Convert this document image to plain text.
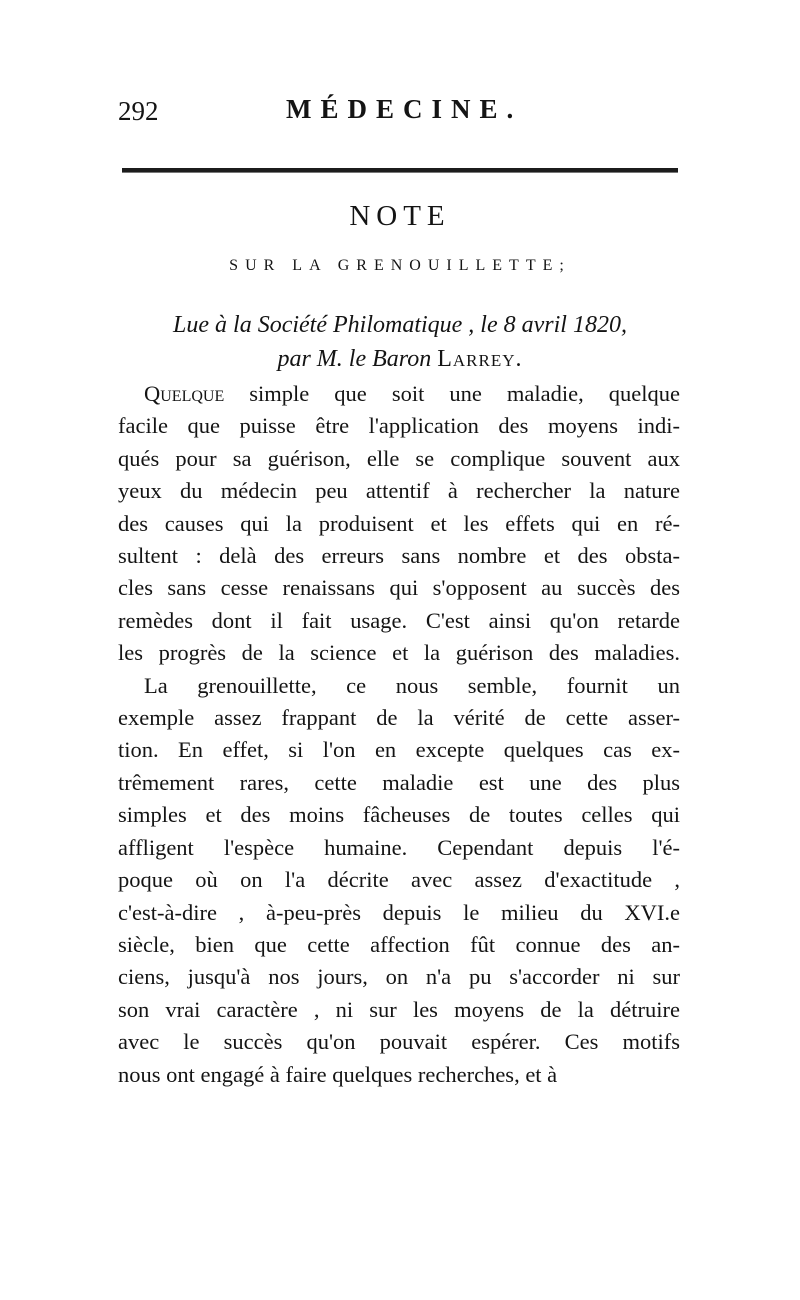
292	MÉDECINE.
NOTE
SUR LA GRENOUILLETTE;
Lue à la Société Philomatique , le 8 avril 1820,
par M. le Baron Larrey.
Quelque simple que soit une maladie, quelque
facile que puisse être l'application des moyens indi-
qués pour sa guérison, elle se complique souvent aux
yeux du médecin peu attentif à rechercher la nature
des causes qui la produisent et les effets qui en ré-
sultent : delà des erreurs sans nombre et des obsta-
cles sans cesse renaissans qui s'opposent au succès des
remèdes dont il fait usage. C'est ainsi qu'on retarde
les progrès de la science et la guérison des maladies.
La grenouillette, ce nous semble, fournit un
exemple assez frappant de la vérité de cette asser-
tion. En effet, si l'on en excepte quelques cas ex-
trêmement rares, cette maladie est une des plus
simples et des moins fâcheuses de toutes celles qui
affligent l'espèce humaine. Cependant depuis l'é-
poque où on l'a décrite avec assez d'exactitude ,
c'est-à-dire , à-peu-près depuis le milieu du XVI.e
siècle, bien que cette affection fût connue des an-
ciens, jusqu'à nos jours, on n'a pu s'accorder ni sur
son vrai caractère , ni sur les moyens de la détruire
avec le succès qu'on pouvait espérer. Ces motifs
nous ont engagé à faire quelques recherches, et à
